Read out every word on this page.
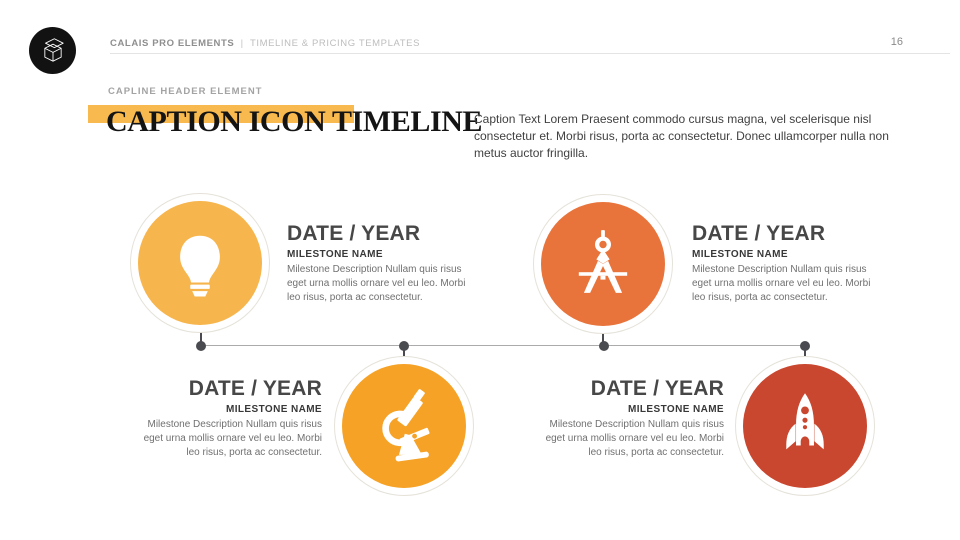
CALAIS PRO ELEMENTS | TIMELINE & PRICING TEMPLATES	16
CAPLINE HEADER ELEMENT
CAPTION ICON TIMELINE

Caption Text Lorem Praesent commodo cursus magna, vel scelerisque nisl consectetur et. Morbi risus, porta ac consectetur. Donec ullamcorper nulla non metus auctor fringilla.

DATE / YEAR
MILESTONE NAME
Milestone Description Nullam quis risus eget urna mollis ornare vel eu leo. Morbi leo risus, porta ac consectetur.
DATE / YEAR
MILESTONE NAME
Milestone Description Nullam quis risus eget urna mollis ornare vel eu leo. Morbi leo risus, porta ac consectetur.
DATE / YEAR
MILESTONE NAME
Milestone Description Nullam quis risus eget urna mollis ornare vel eu leo. Morbi leo risus, porta ac consectetur.
DATE / YEAR
MILESTONE NAME
Milestone Description Nullam quis risus eget urna mollis ornare vel eu leo. Morbi leo risus, porta ac consectetur.
